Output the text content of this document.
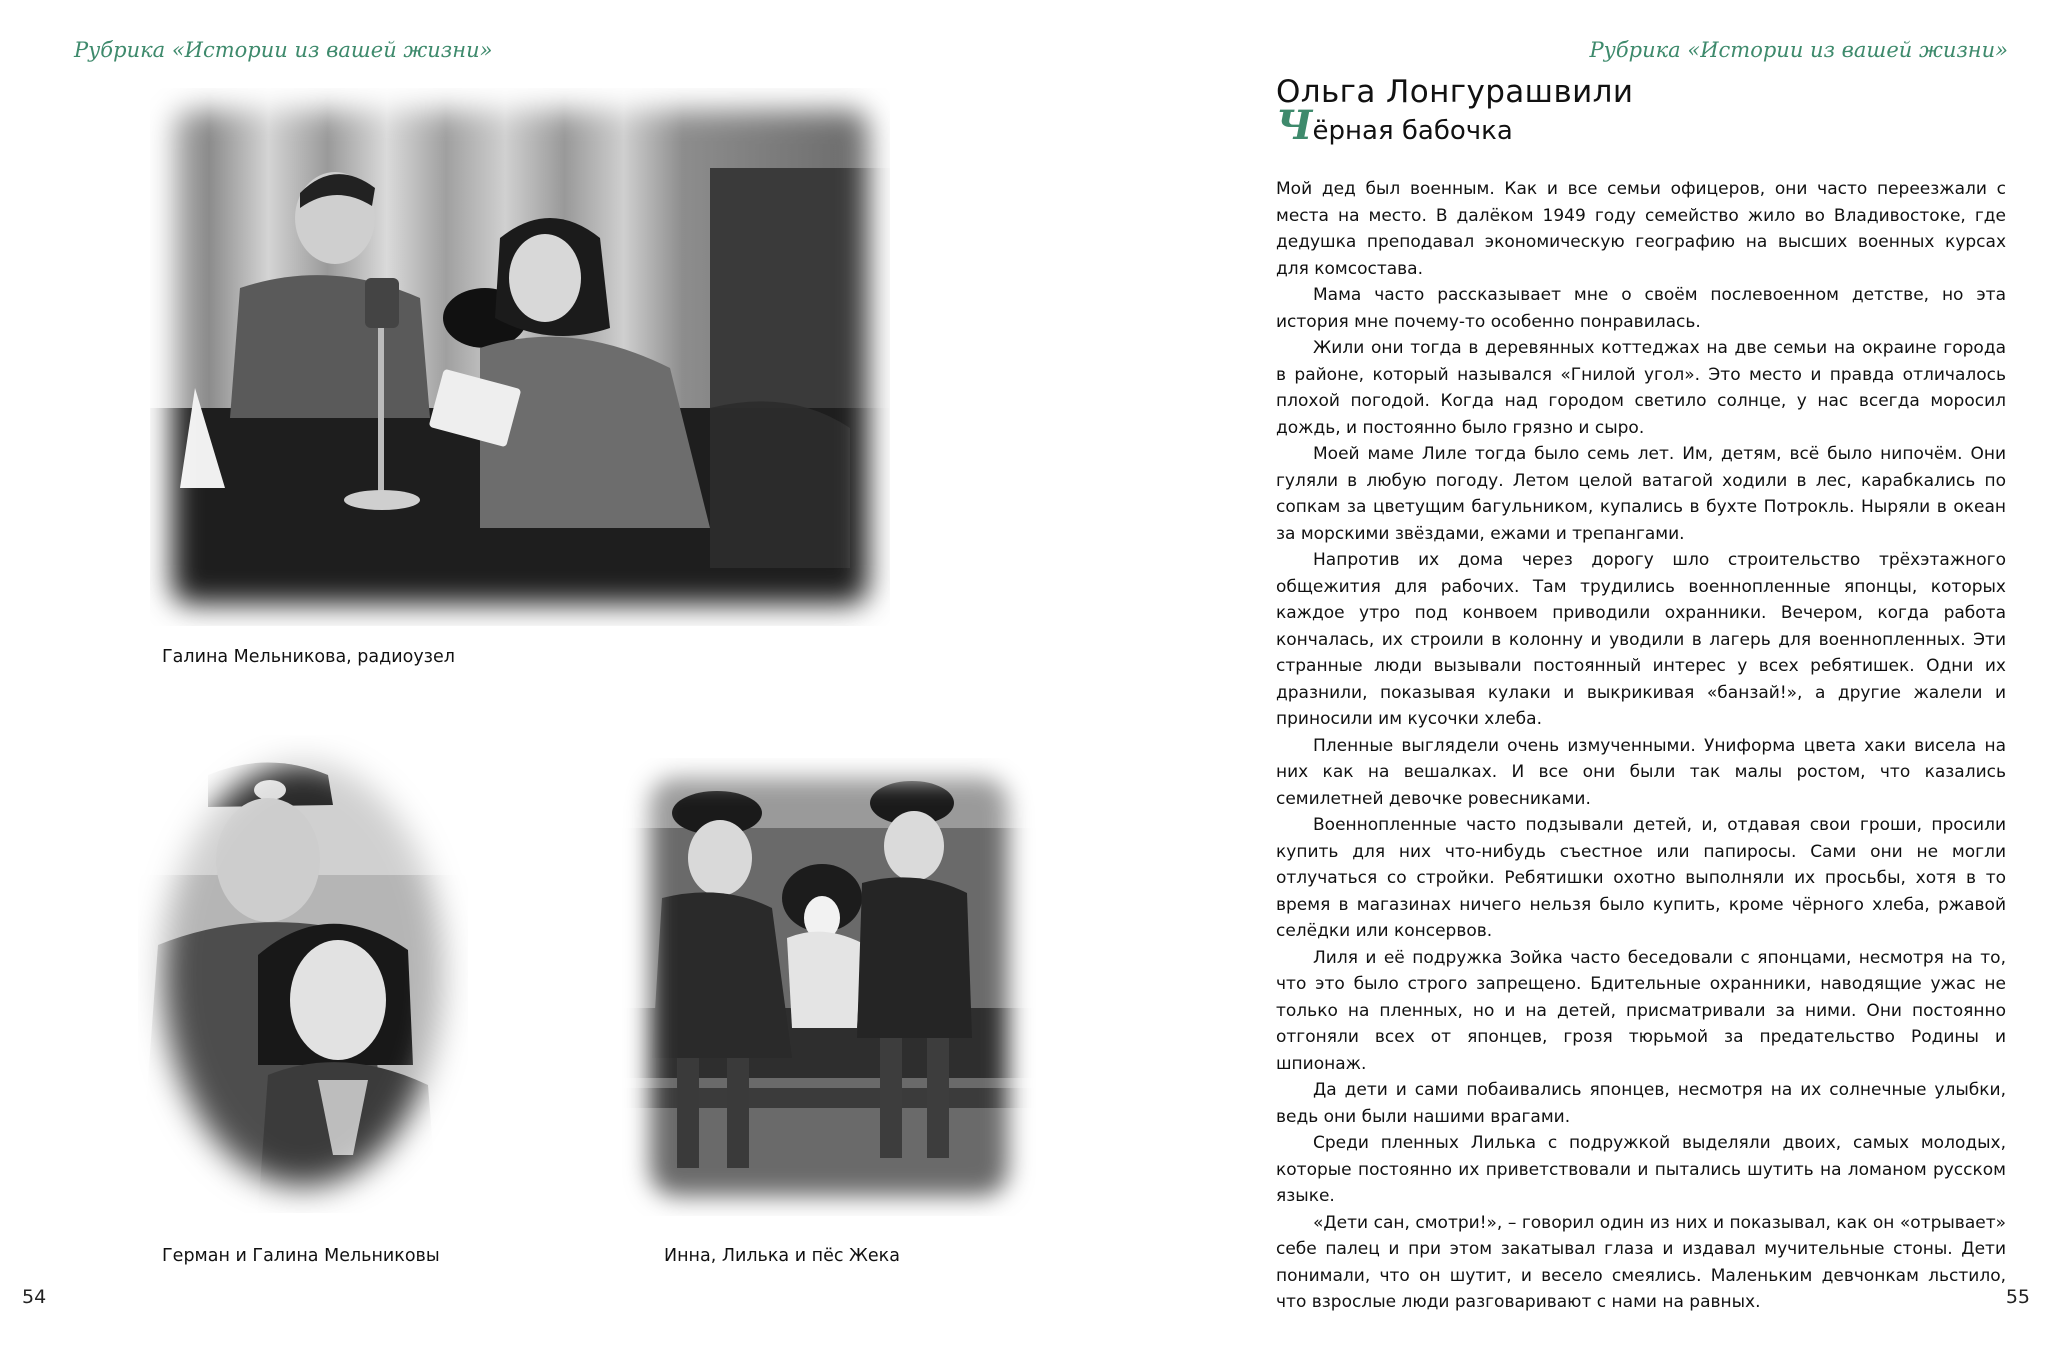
Рубрика «Истории из вашей жизни»
Галина Мельникова, радиоузел
Герман и Галина Мельниковы	Инна, Лилька и пёс Жека
54
Рубрика «Истории из вашей жизни»
Ольга Лонгурашвили
Чёрная бабочка

Мой дед был военным. Как и все семьи офицеров, они часто переезжали с места на место. В далёком 1949 году семейство жило во Владивостоке, где дедушка преподавал экономическую географию на высших военных курсах для комсостава.

Мама часто рассказывает мне о своём послевоенном детстве, но эта история мне почему-то особенно понравилась.

Жили они тогда в деревянных коттеджах на две семьи на окраине города в районе, который назывался «Гнилой угол». Это место и правда отличалось плохой погодой. Когда над городом светило солнце, у нас всегда моросил дождь, и постоянно было грязно и сыро.

Моей маме Лиле тогда было семь лет. Им, детям, всё было нипочём. Они гуляли в любую погоду. Летом целой ватагой ходили в лес, карабкались по сопкам за цветущим багульником, купались в бухте Потрокль. Ныряли в океан за морскими звёздами, ежами и трепангами.

Напротив их дома через дорогу шло строительство трёхэтажного общежития для рабочих. Там трудились военнопленные японцы, которых каждое утро под конвоем приводили охранники. Вечером, когда работа кончалась, их строили в колонну и уводили в лагерь для военнопленных. Эти странные люди вызывали постоянный интерес у всех ребятишек. Одни их дразнили, показывая кулаки и выкрикивая «банзай!», а другие жалели и приносили им кусочки хлеба.

Пленные выглядели очень измученными. Униформа цвета хаки висела на них как на вешалках. И все они были так малы ростом, что казались семилетней девочке ровесниками.

Военнопленные часто подзывали детей, и, отдавая свои гроши, просили купить для них что-нибудь съестное или папиросы. Сами они не могли отлучаться со стройки. Ребятишки охотно выполняли их просьбы, хотя в то время в магазинах ничего нельзя было купить, кроме чёрного хлеба, ржавой селёдки или консервов.

Лиля и её подружка Зойка часто беседовали с японцами, несмотря на то, что это было строго запрещено. Бдительные охранники, наводящие ужас не только на пленных, но и на детей, присматривали за ними. Они постоянно отгоняли всех от японцев, грозя тюрьмой за предательство Родины и шпионаж.

Да дети и сами побаивались японцев, несмотря на их солнечные улыбки, ведь они были нашими врагами.

Среди пленных Лилька с подружкой выделяли двоих, самых молодых, которые постоянно их приветствовали и пытались шутить на ломаном русском языке.

«Дети сан, смотри!», – говорил один из них и показывал, как он «отрывает» себе палец и при этом закатывал глаза и издавал мучительные стоны. Дети понимали, что он шутит, и весело смеялись. Маленьким девчонкам льстило, что взрослые люди разговаривают с нами на равных.	55
